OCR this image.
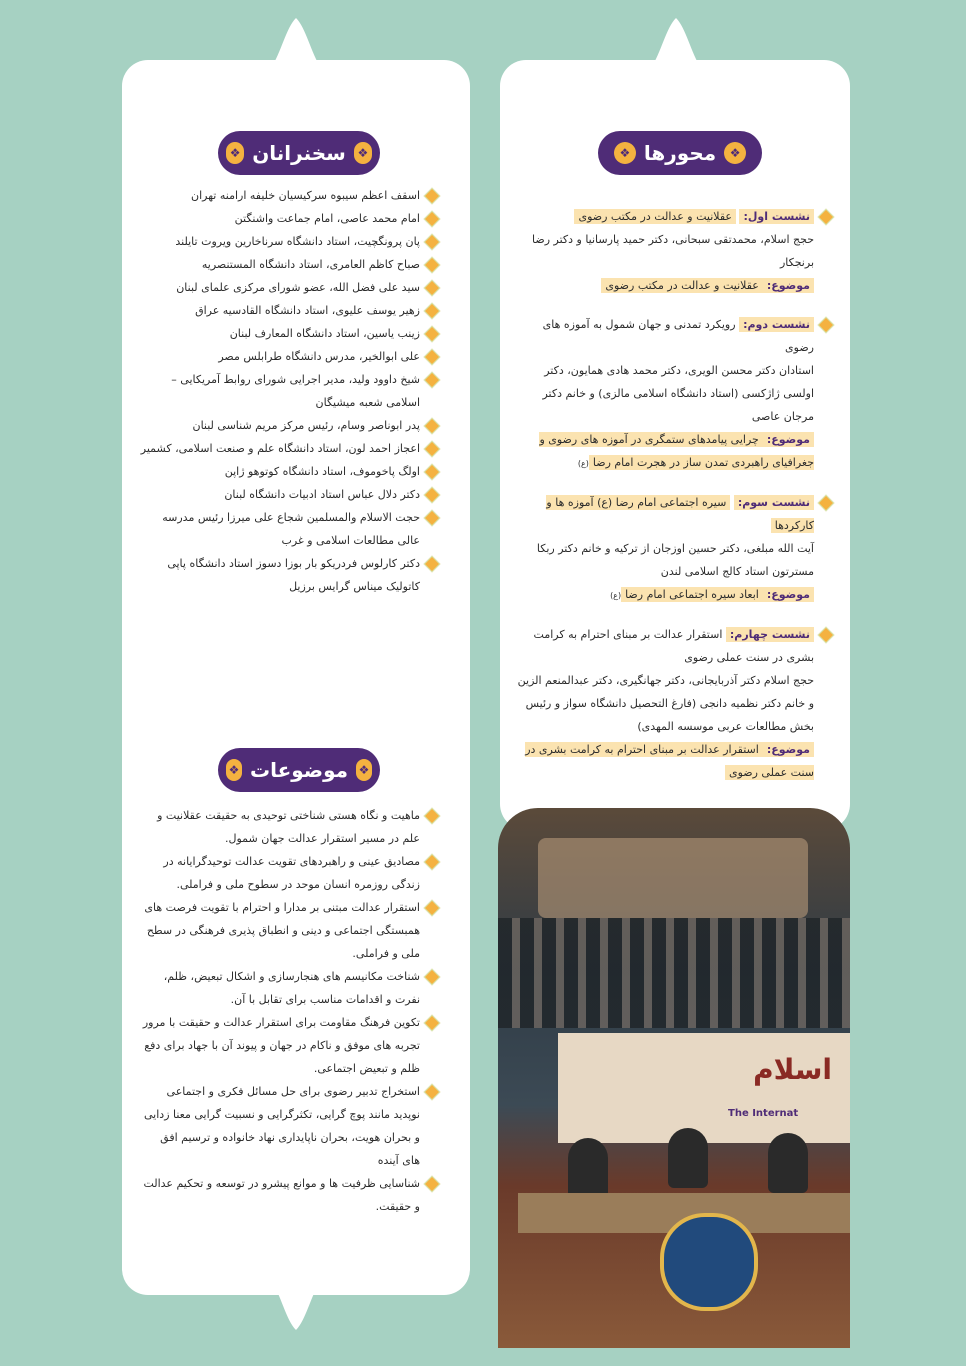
❖
سخنرانان
❖	❖
محورها
❖
❖
موضوعات
❖
اسقف اعظم سیبوه سرکیسیان خلیفه ارامنه تهران
امام محمد عاصی، امام جماعت واشنگتن
پان پرونگچیت، استاد دانشگاه سرناخارین ویروت تایلند
صباح کاظم العامری، استاد دانشگاه المستنصریه
سید علی فضل الله، عضو شورای مرکزی علمای لبنان
زهیر یوسف علیوی، استاد دانشگاه القادسیه عراق
زینب یاسین، استاد دانشگاه المعارف لبنان
علی ابوالخیر، مدرس دانشگاه طرابلس مصر
شیخ داوود ولید، مدیر اجرایی شورای روابط آمریکایی – اسلامی شعبه میشیگان
پدر ابوناصر وسام، رئیس مرکز مریم شناسی لبنان
اعجاز احمد لون، استاد دانشگاه علم و صنعت اسلامی، کشمیر
اولگ پاخوموف، استاد دانشگاه کوتوهو ژاپن
دکتر دلال عباس استاد ادبیات دانشگاه لبنان
حجت الاسلام والمسلمین شجاع علی میرزا رئیس مدرسه عالی مطالعات اسلامی و غرب
دکتر کارلوس فردریکو بار بوزا دسوز استاد دانشگاه پاپی کاتولیک میناس گرایس برزیل
ماهیت و نگاه هستی شناختی توحیدی به حقیقت عقلانیت و علم در مسیر استقرار عدالت جهان شمول.
مصادیق عینی و راهبردهای تقویت عدالت توحیدگرایانه در زندگی روزمره انسان موحد در سطوح ملی و فراملی.
استقرار عدالت مبتنی بر مدارا و احترام با تقویت فرصت های همبستگی اجتماعی و دینی و انطباق پذیری فرهنگی در سطح ملی و فراملی.
شناخت مکانیسم های هنجارسازی و اشکال تبعیض، ظلم، نفرت و اقدامات مناسب برای تقابل با آن.
تکوین فرهنگ مقاومت برای استقرار عدالت و حقیقت با مرور تجربه های موفق و ناکام در جهان و پیوند آن با جهاد برای دفع ظلم و تبعیض اجتماعی.
استخراج تدبیر رضوی برای حل مسائل فکری و اجتماعی نوپدید مانند پوچ گرایی، تکثرگرایی و نسبیت گرایی معنا زدایی و بحران هویت، بحران ناپایداری نهاد خانواده و ترسیم افق های آینده
شناسایی ظرفیت ها و موانع پیشرو در توسعه و تحکیم عدالت و حقیقت.
نشست اول: عقلانیت و عدالت در مکتب رضوی
حجج اسلام، محمدتقی سبحانی، دکتر حمید پارسانیا و دکتر رضا برنجکار
موضوع:عقلانیت و عدالت در مکتب رضوی
نشست دوم: رویکرد تمدنی و جهان شمول به آموزه های رضوی
استادان دکتر محسن الویری، دکتر محمد هادی همایون، دکتر اولسی ژاژکسی (استاد دانشگاه اسلامی مالزی) و خانم دکتر مرجان عاصی
موضوع:چرایی پیامدهای ستمگری در آموزه های رضوی و جغرافیای راهبردی تمدن ساز در هجرت امام رضا(ع)
نشست سوم: سیره اجتماعی امام رضا (ع) آموزه ها و کارکردها
آیت الله مبلغی، دکتر حسین اوزجان از ترکیه و خانم دکتر ربکا مسترتون استاد کالج اسلامی لندن
موضوع:ابعاد سیره اجتماعی امام رضا(ع)
نشست چهارم: استقرار عدالت بر مبنای احترام به کرامت بشری در سنت عملی رضوی
حجج اسلام دکتر آذربایجانی، دکتر جهانگیری، دکتر عبدالمنعم الزین و خانم دکتر نظمیه دانجی (فارغ التحصیل دانشگاه سواز و رئیس بخش مطالعات عربی موسسه المهدی)
موضوع:استقرار عدالت بر مبنای احترام به کرامت بشری در سنت عملی رضوی
اسلام
The Internat
